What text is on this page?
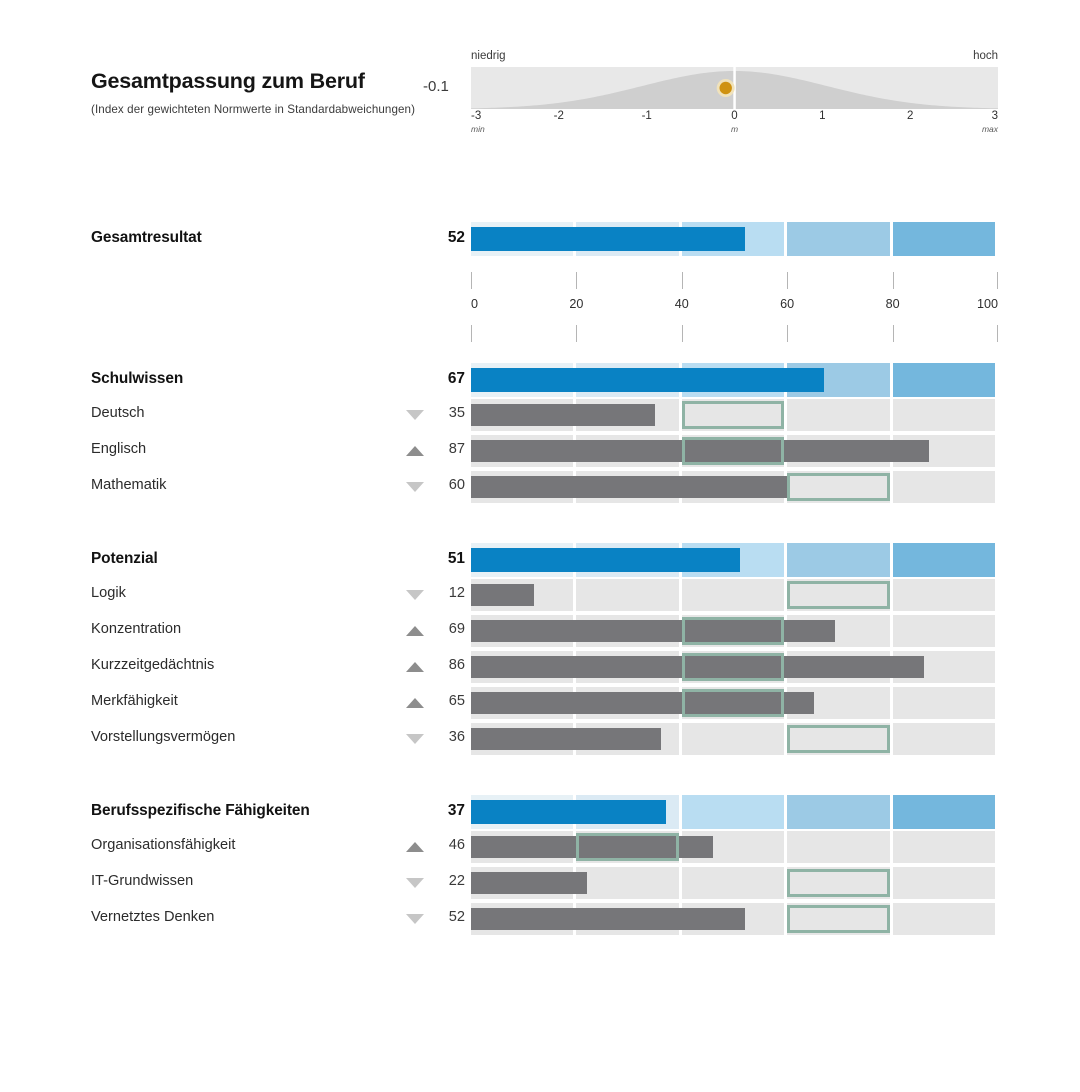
Gesamtpassung zum Beruf
(Index der gewichteten Normwerte in Standardabweichungen)
-0.1
niedrig	hoch
-3
min
-2	-1	0
m
1	2	3
max
Gesamtresultat	52
Schulwissen	67
Deutsch	35
Englisch	87
Mathematik	60
Potenzial	51
Logik	12
Konzentration	69
Kurzzeitgedächtnis	86
Merkfähigkeit	65
Vorstellungsvermögen	36
Berufsspezifische Fähigkeiten	37
Organisationsfähigkeit	46
IT-Grundwissen	22
Vernetztes Denken	52
0	20	40	60	80	100
